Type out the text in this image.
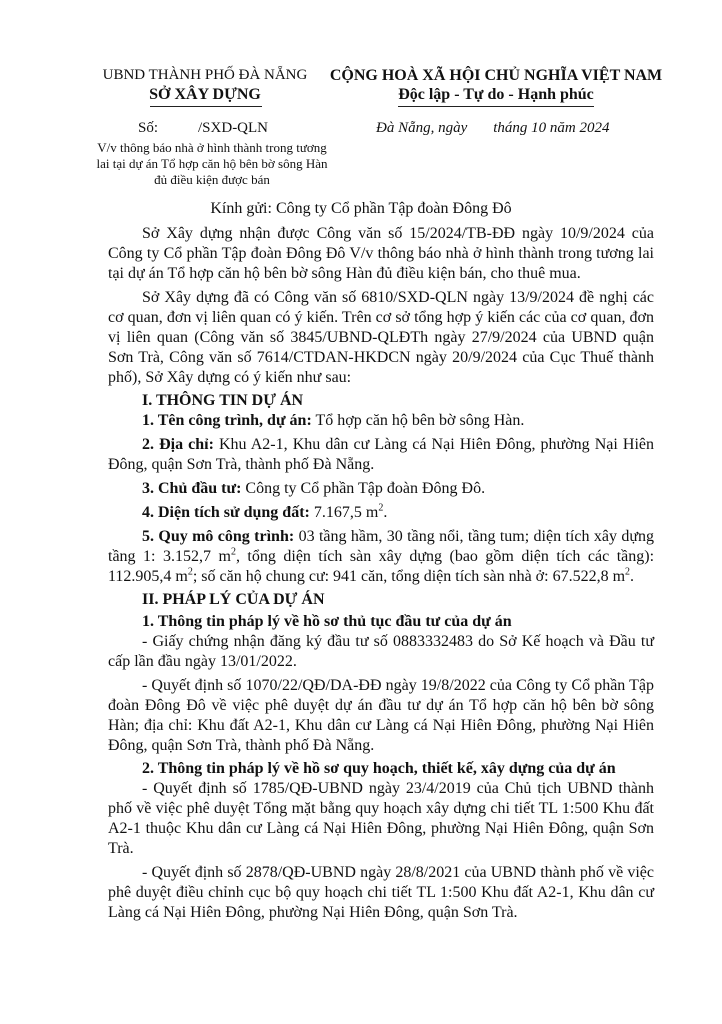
UBND THÀNH PHỐ ĐÀ NẴNG
SỞ XÂY DỰNG
CỘNG HOÀ XÃ HỘI CHỦ NGHĨA VIỆT NAM
Độc lập - Tự do - Hạnh phúc
Số:	/SXD-QLN	Đà Nẵng, ngày tháng 10 năm 2024
V/v thông báo nhà ở hình thành trong tương lai tại dự án Tổ hợp căn hộ bên bờ sông Hàn đủ điều kiện được bán
Kính gửi: Công ty Cổ phần Tập đoàn Đông Đô

Sở Xây dựng nhận được Công văn số 15/2024/TB-ĐĐ ngày 10/9/2024 của Công ty Cổ phần Tập đoàn Đông Đô V/v thông báo nhà ở hình thành trong tương lai tại dự án Tổ hợp căn hộ bên bờ sông Hàn đủ điều kiện bán, cho thuê mua.

Sở Xây dựng đã có Công văn số 6810/SXD-QLN ngày 13/9/2024 đề nghị các cơ quan, đơn vị liên quan có ý kiến. Trên cơ sở tổng hợp ý kiến các của cơ quan, đơn vị liên quan (Công văn số 3845/UBND-QLĐTh ngày 27/9/2024 của UBND quận Sơn Trà, Công văn số 7614/CTDAN-HKDCN ngày 20/9/2024 của Cục Thuế thành phố), Sở Xây dựng có ý kiến như sau:

I. THÔNG TIN DỰ ÁN

1. Tên công trình, dự án: Tổ hợp căn hộ bên bờ sông Hàn.

2. Địa chỉ: Khu A2-1, Khu dân cư Làng cá Nại Hiên Đông, phường Nại Hiên Đông, quận Sơn Trà, thành phố Đà Nẵng.

3. Chủ đầu tư: Công ty Cổ phần Tập đoàn Đông Đô.

4. Diện tích sử dụng đất: 7.167,5 $m^2$.

5. Quy mô công trình: 03 tầng hầm, 30 tầng nổi, tầng tum; diện tích xây dựng tầng 1: 3.152,7 $m^2$, tổng diện tích sàn xây dựng (bao gồm diện tích các tầng): 112.905,4 $m^2$; số căn hộ chung cư: 941 căn, tổng diện tích sàn nhà ở: 67.522,8 $m^2$.

II. PHÁP LÝ CỦA DỰ ÁN
1. Thông tin pháp lý về hồ sơ thủ tục đầu tư của dự án

- Giấy chứng nhận đăng ký đầu tư số 0883332483 do Sở Kế hoạch và Đầu tư cấp lần đầu ngày 13/01/2022.

- Quyết định số 1070/22/QĐ/DA-ĐĐ ngày 19/8/2022 của Công ty Cổ phần Tập đoàn Đông Đô về việc phê duyệt dự án đầu tư dự án Tổ hợp căn hộ bên bờ sông Hàn; địa chỉ: Khu đất A2-1, Khu dân cư Làng cá Nại Hiên Đông, phường Nại Hiên Đông, quận Sơn Trà, thành phố Đà Nẵng.

2. Thông tin pháp lý về hồ sơ quy hoạch, thiết kế, xây dựng của dự án

- Quyết định số 1785/QĐ-UBND ngày 23/4/2019 của Chủ tịch UBND thành phố về việc phê duyệt Tổng mặt bằng quy hoạch xây dựng chi tiết TL 1:500 Khu đất A2-1 thuộc Khu dân cư Làng cá Nại Hiên Đông, phường Nại Hiên Đông, quận Sơn Trà.

- Quyết định số 2878/QĐ-UBND ngày 28/8/2021 của UBND thành phố về việc phê duyệt điều chỉnh cục bộ quy hoạch chi tiết TL 1:500 Khu đất A2-1, Khu dân cư Làng cá Nại Hiên Đông, phường Nại Hiên Đông, quận Sơn Trà.
